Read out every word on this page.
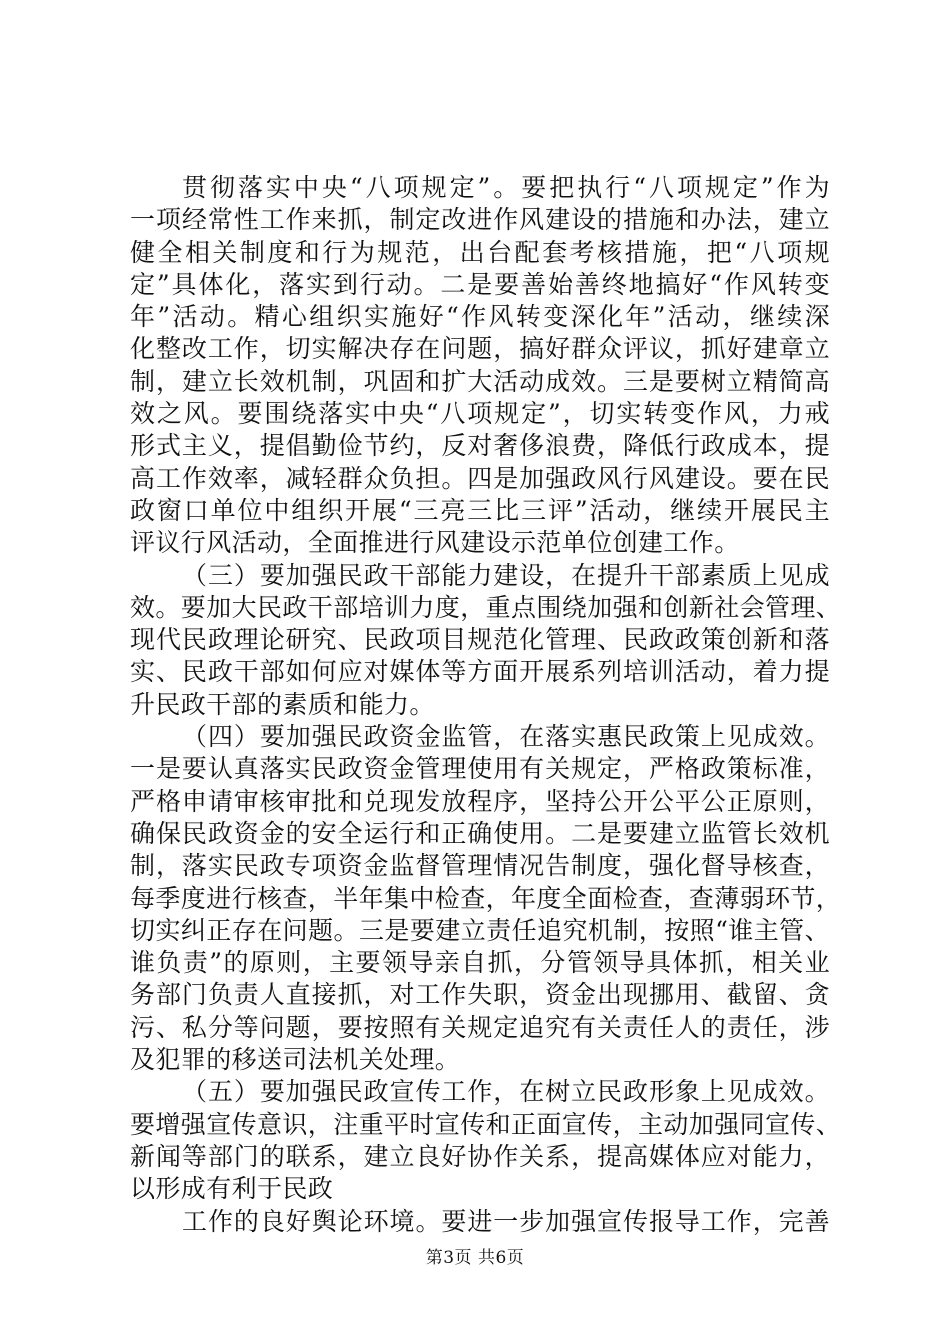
贯彻落实中央“八项规定”。要把执行“八项规定”作为
一项经常性工作来抓，制定改进作风建设的措施和办法，建立
健全相关制度和行为规范，出台配套考核措施，把“八项规
定”具体化，落实到行动。二是要善始善终地搞好“作风转变
年”活动。精心组织实施好“作风转变深化年”活动，继续深
化整改工作，切实解决存在问题，搞好群众评议，抓好建章立
制，建立长效机制，巩固和扩大活动成效。三是要树立精简高
效之风。要围绕落实中央“八项规定”，切实转变作风，力戒
形式主义，提倡勤俭节约，反对奢侈浪费，降低行政成本，提
高工作效率，减轻群众负担。四是加强政风行风建设。要在民
政窗口单位中组织开展“三亮三比三评”活动，继续开展民主
评议行风活动，全面推进行风建设示范单位创建工作。
（三）要加强民政干部能力建设，在提升干部素质上见成
效。要加大民政干部培训力度，重点围绕加强和创新社会管理、
现代民政理论研究、民政项目规范化管理、民政政策创新和落
实、民政干部如何应对媒体等方面开展系列培训活动，着力提
升民政干部的素质和能力。
（四）要加强民政资金监管，在落实惠民政策上见成效。
一是要认真落实民政资金管理使用有关规定，严格政策标准，
严格申请审核审批和兑现发放程序，坚持公开公平公正原则，
确保民政资金的安全运行和正确使用。二是要建立监管长效机
制，落实民政专项资金监督管理情况告制度，强化督导核查，
每季度进行核查，半年集中检查，年度全面检查，查薄弱环节，
切实纠正存在问题。三是要建立责任追究机制，按照“谁主管、
谁负责”的原则，主要领导亲自抓，分管领导具体抓，相关业
务部门负责人直接抓，对工作失职，资金出现挪用、截留、贪
污、私分等问题，要按照有关规定追究有关责任人的责任，涉
及犯罪的移送司法机关处理。
（五）要加强民政宣传工作，在树立民政形象上见成效。
要增强宣传意识，注重平时宣传和正面宣传，主动加强同宣传、
新闻等部门的联系，建立良好协作关系，提高媒体应对能力，
以形成有利于民政
工作的良好舆论环境。要进一步加强宣传报导工作，完善
第3页 共6页
